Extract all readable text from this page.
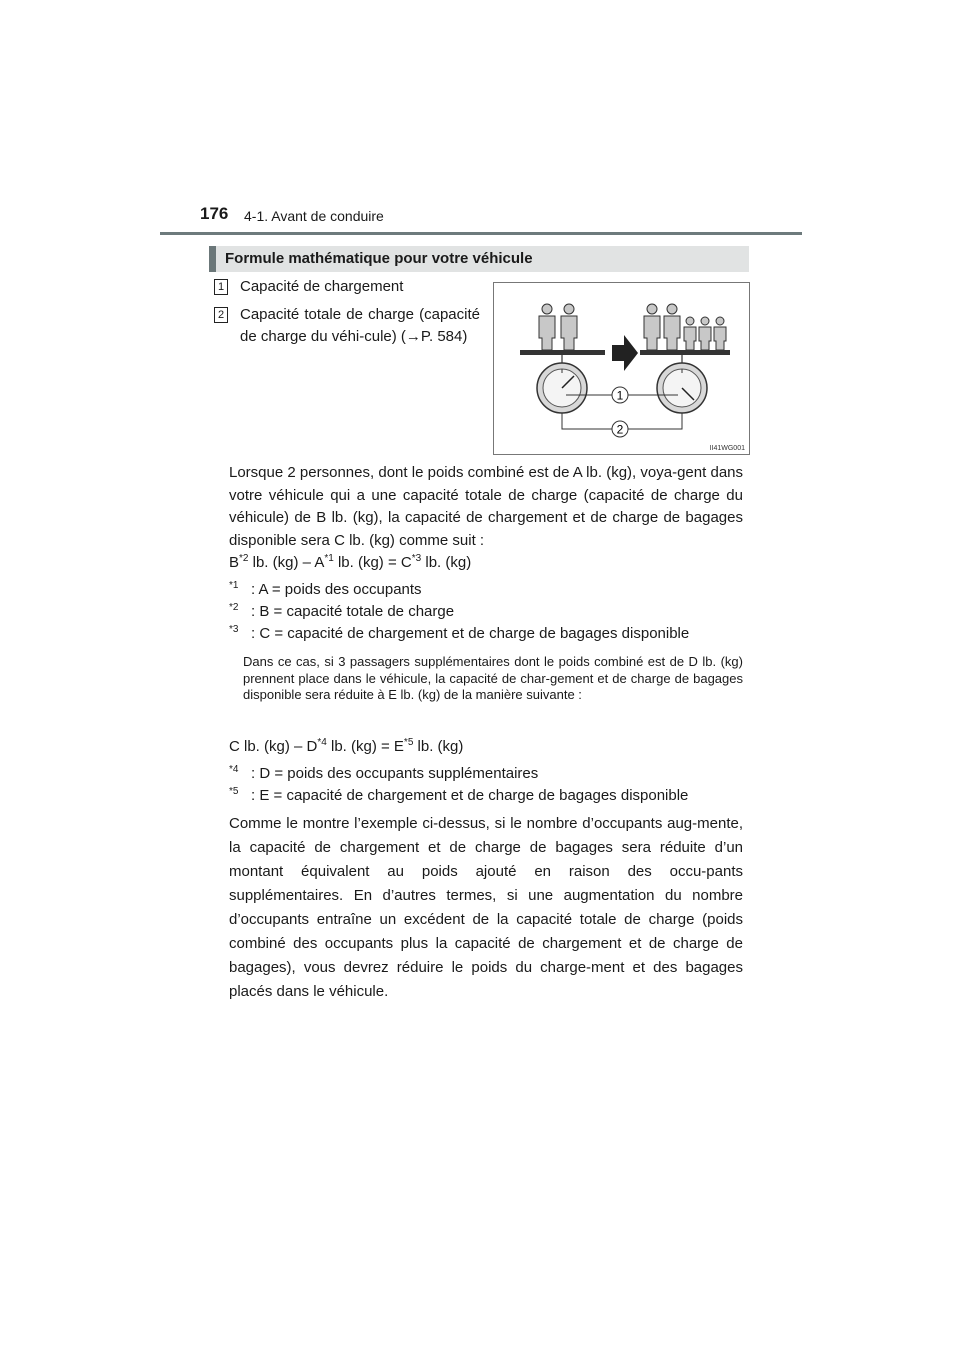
176 4-1. Avant de conduire
Formule mathématique pour votre véhicule
1 Capacité de chargement
2 Capacité totale de charge (capacité de charge du véhi-cule) (→P. 584)
1
2
II41WG001
Lorsque 2 personnes, dont le poids combiné est de A lb. (kg), voya-gent dans votre véhicule qui a une capacité totale de charge (capacité de charge du véhicule) de B lb. (kg), la capacité de chargement et de charge de bagages disponible sera C lb. (kg) comme suit :
$B^{*2}$ lb. $(kg) - A^{*1}$ lb. $(kg) = C^{*3}$ lb. (kg)
$^{*1}$ : A = poids des occupants
$^{*2}$ : B = capacité totale de charge
$^{*3}$ : C = capacité de chargement et de charge de bagages disponible
Dans ce cas, si 3 passagers supplémentaires dont le poids combiné est de D lb. (kg) prennent place dans le véhicule, la capacité de char-gement et de charge de bagages disponible sera réduite à E lb. (kg) de la manière suivante :
C lb. $(kg) - D^{*4}$ lb. $(kg) = E^{*5}$ lb. (kg)
$^{*4}$ : D = poids des occupants supplémentaires
$^{*5}$ : E = capacité de chargement et de charge de bagages disponible
Comme le montre l’exemple ci-dessus, si le nombre d’occupants aug-mente, la capacité de chargement et de charge de bagages sera réduite d’un montant équivalent au poids ajouté en raison des occu-pants supplémentaires. En d’autres termes, si une augmentation du nombre d’occupants entraîne un excédent de la capacité totale de charge (poids combiné des occupants plus la capacité de chargement et de charge de bagages), vous devrez réduire le poids du charge-ment et des bagages placés dans le véhicule.
